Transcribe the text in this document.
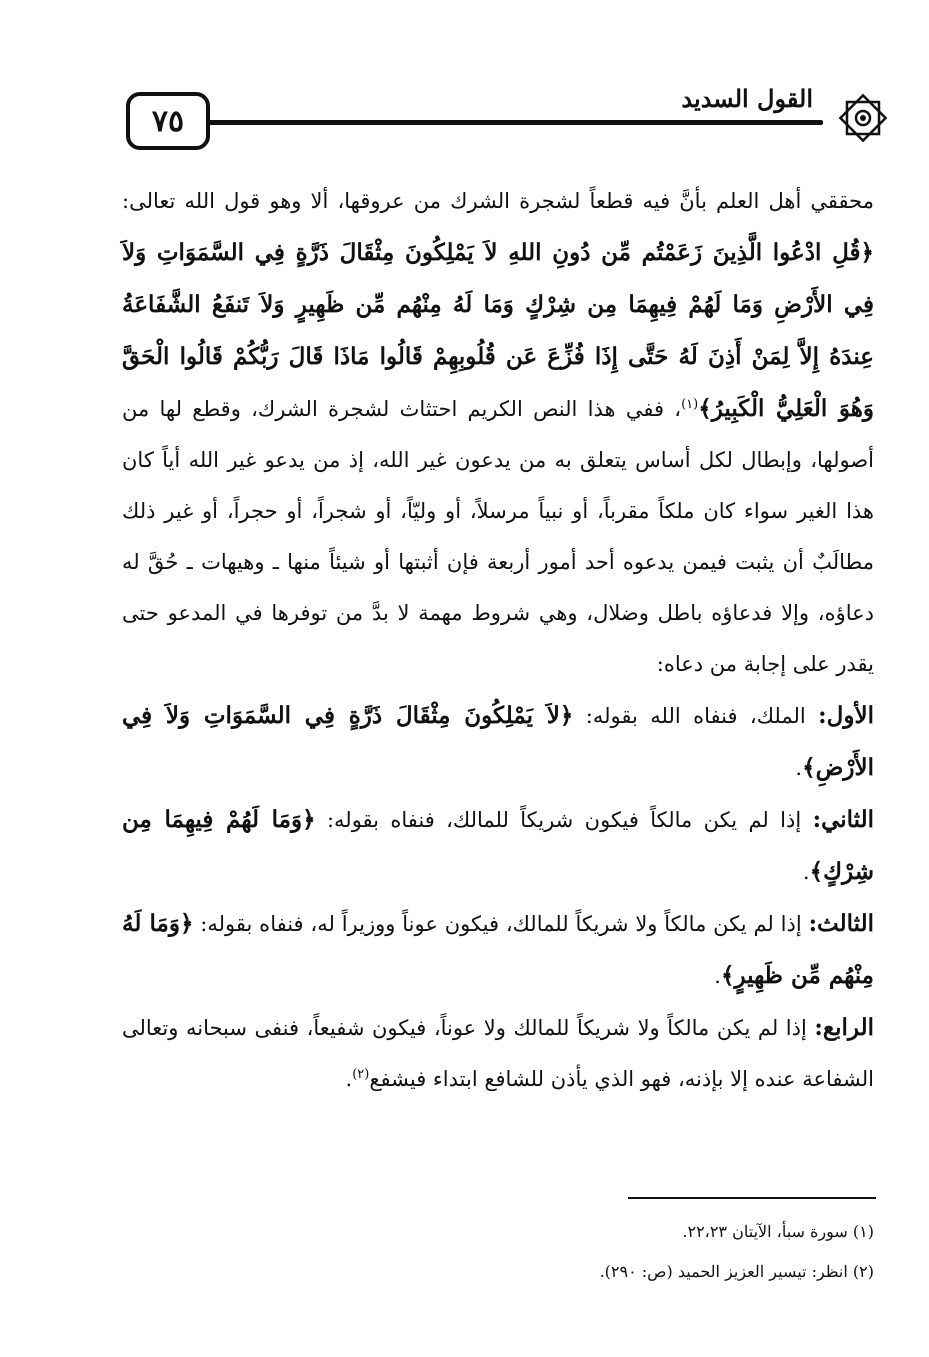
٧٥
القول السديد

محققي أهل العلم بأنَّ فيه قطعاً لشجرة الشرك من عروقها، ألا وهو قول الله تعالى: ﴿قُلِ ادْعُوا الَّذِينَ زَعَمْتُم مِّن دُونِ اللهِ لاَ يَمْلِكُونَ مِثْقَالَ ذَرَّةٍ فِي السَّمَوَاتِ وَلاَ فِي الأَرْضِ وَمَا لَهُمْ فِيهِمَا مِن شِرْكٍ وَمَا لَهُ مِنْهُم مِّن ظَهِيرٍ وَلاَ تَنفَعُ الشَّفَاعَةُ عِندَهُ إِلاَّ لِمَنْ أَذِنَ لَهُ حَتَّى إِذَا فُزِّعَ عَن قُلُوبِهِمْ قَالُوا مَاذَا قَالَ رَبُّكُمْ قَالُوا الْحَقَّ وَهُوَ الْعَلِيُّ الْكَبِيرُ﴾$^{(١)}$، ففي هذا النص الكريم احتثاث لشجرة الشرك، وقطع لها من أصولها، وإبطال لكل أساس يتعلق به من يدعون غير الله، إذ من يدعو غير الله أياً كان هذا الغير سواء كان ملكاً مقرباً، أو نبياً مرسلاً، أو وليّاً، أو شجراً، أو حجراً، أو غير ذلك مطالَبٌ أن يثبت فيمن يدعوه أحد أمور أربعة فإن أثبتها أو شيئاً منها ـ وهيهات ـ حُقَّ له دعاؤه، وإلا فدعاؤه باطل وضلال، وهي شروط مهمة لا بدَّ من توفرها في المدعو حتى يقدر على إجابة من دعاه:

الأول: الملك، فنفاه الله بقوله: ﴿لاَ يَمْلِكُونَ مِثْقَالَ ذَرَّةٍ فِي السَّمَوَاتِ وَلاَ فِي الأَرْضِ﴾.

الثاني: إذا لم يكن مالكاً فيكون شريكاً للمالك، فنفاه بقوله: ﴿وَمَا لَهُمْ فِيهِمَا مِن شِرْكٍ﴾.

الثالث: إذا لم يكن مالكاً ولا شريكاً للمالك، فيكون عوناً ووزيراً له، فنفاه بقوله: ﴿وَمَا لَهُ مِنْهُم مِّن ظَهِيرٍ﴾.

الرابع: إذا لم يكن مالكاً ولا شريكاً للمالك ولا عوناً، فيكون شفيعاً، فنفى سبحانه وتعالى الشفاعة عنده إلا بإذنه، فهو الذي يأذن للشافع ابتداء فيشفع$^{(٢)}$.

(١) سورة سبأ، الآيتان ٢٢،٢٣.

(٢) انظر: تيسير العزيز الحميد (ص: ٢٩٠).
